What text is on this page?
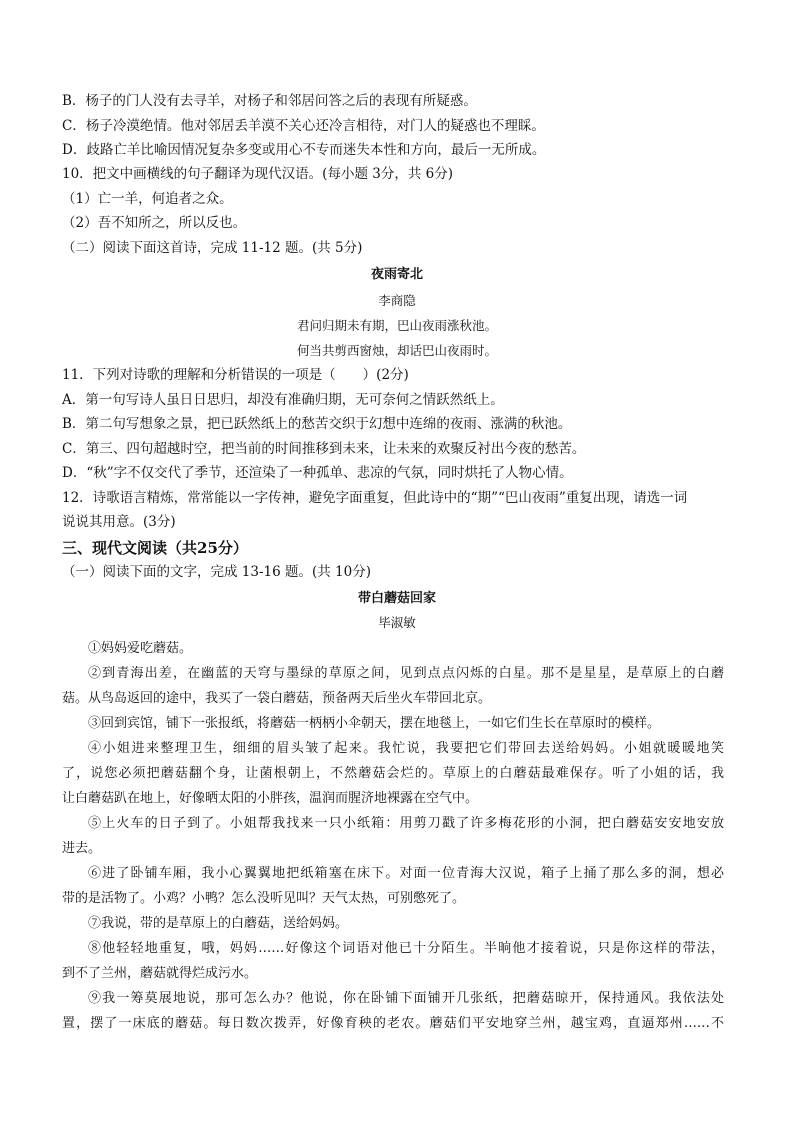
B．杨子的门人没有去寻羊，对杨子和邻居问答之后的表现有所疑惑。
C．杨子冷漠绝情。他对邻居丢羊漠不关心还冷言相待，对门人的疑惑也不理睬。
D．歧路亡羊比喻因情况复杂多变或用心不专而迷失本性和方向，最后一无所成。
10．把文中画横线的句子翻译为现代汉语。(每小题 3分，共 6分)
（1）亡一羊，何追者之众。
（2）吾不知所之，所以反也。
（二）阅读下面这首诗，完成 11-12 题。(共 5分)
夜雨寄北
李商隐
君问归期未有期，巴山夜雨涨秋池。
何当共剪西窗烛，却话巴山夜雨时。
11．下列对诗歌的理解和分析错误的一项是（　　）(2分)
A．第一句写诗人虽日日思归，却没有准确归期，无可奈何之情跃然纸上。
B．第二句写想象之景，把已跃然纸上的愁苦交织于幻想中连绵的夜雨、涨满的秋池。
C．第三、四句超越时空，把当前的时间推移到未来，让未来的欢聚反衬出今夜的愁苦。
D．“秋”字不仅交代了季节，还渲染了一种孤单、悲凉的气氛，同时烘托了人物心情。
12．诗歌语言精炼，常常能以一字传神，避免字面重复，但此诗中的“期”“巴山夜雨”重复出现，请选一词
说说其用意。(3分)
三、现代文阅读（共25分）
（一）阅读下面的文字，完成 13-16 题。(共 10分)
带白蘑菇回家
毕淑敏
①妈妈爱吃蘑菇。
②到青海出差，在幽蓝的天穹与墨绿的草原之间，见到点点闪烁的白星。那不是星星，是草原上的白蘑
菇。从鸟岛返回的途中，我买了一袋白蘑菇，预备两天后坐火车带回北京。
③回到宾馆，铺下一张报纸，将蘑菇一柄柄小伞朝天，摆在地毯上，一如它们生长在草原时的模样。
④小姐进来整理卫生，细细的眉头皱了起来。我忙说，我要把它们带回去送给妈妈。小姐就暖暖地笑
了，说您必须把蘑菇翻个身，让菌根朝上，不然蘑菇会烂的。草原上的白蘑菇最难保存。听了小姐的话，我
让白蘑菇趴在地上，好像晒太阳的小胖孩，温润而腥济地裸露在空气中。
⑤上火车的日子到了。小姐帮我找来一只小纸箱：用剪刀戳了许多梅花形的小洞，把白蘑菇安安地安放
进去。
⑥进了卧铺车厢，我小心翼翼地把纸箱塞在床下。对面一位青海大汉说，箱子上捅了那么多的洞，想必
带的是活物了。小鸡？小鸭？怎么没听见叫？天气太热，可别憋死了。
⑦我说，带的是草原上的白蘑菇，送给妈妈。
⑧他轻轻地重复，哦，妈妈……好像这个词语对他已十分陌生。半晌他才接着说，只是你这样的带法，
到不了兰州，蘑菇就得烂成污水。
⑨我一筹莫展地说，那可怎么办？他说，你在卧铺下面铺开几张纸，把蘑菇晾开，保持通风。我依法处
置，摆了一床底的蘑菇。每日数次拨弄，好像育秧的老农。蘑菇们平安地穿兰州，越宝鸡，直逼郑州……不
